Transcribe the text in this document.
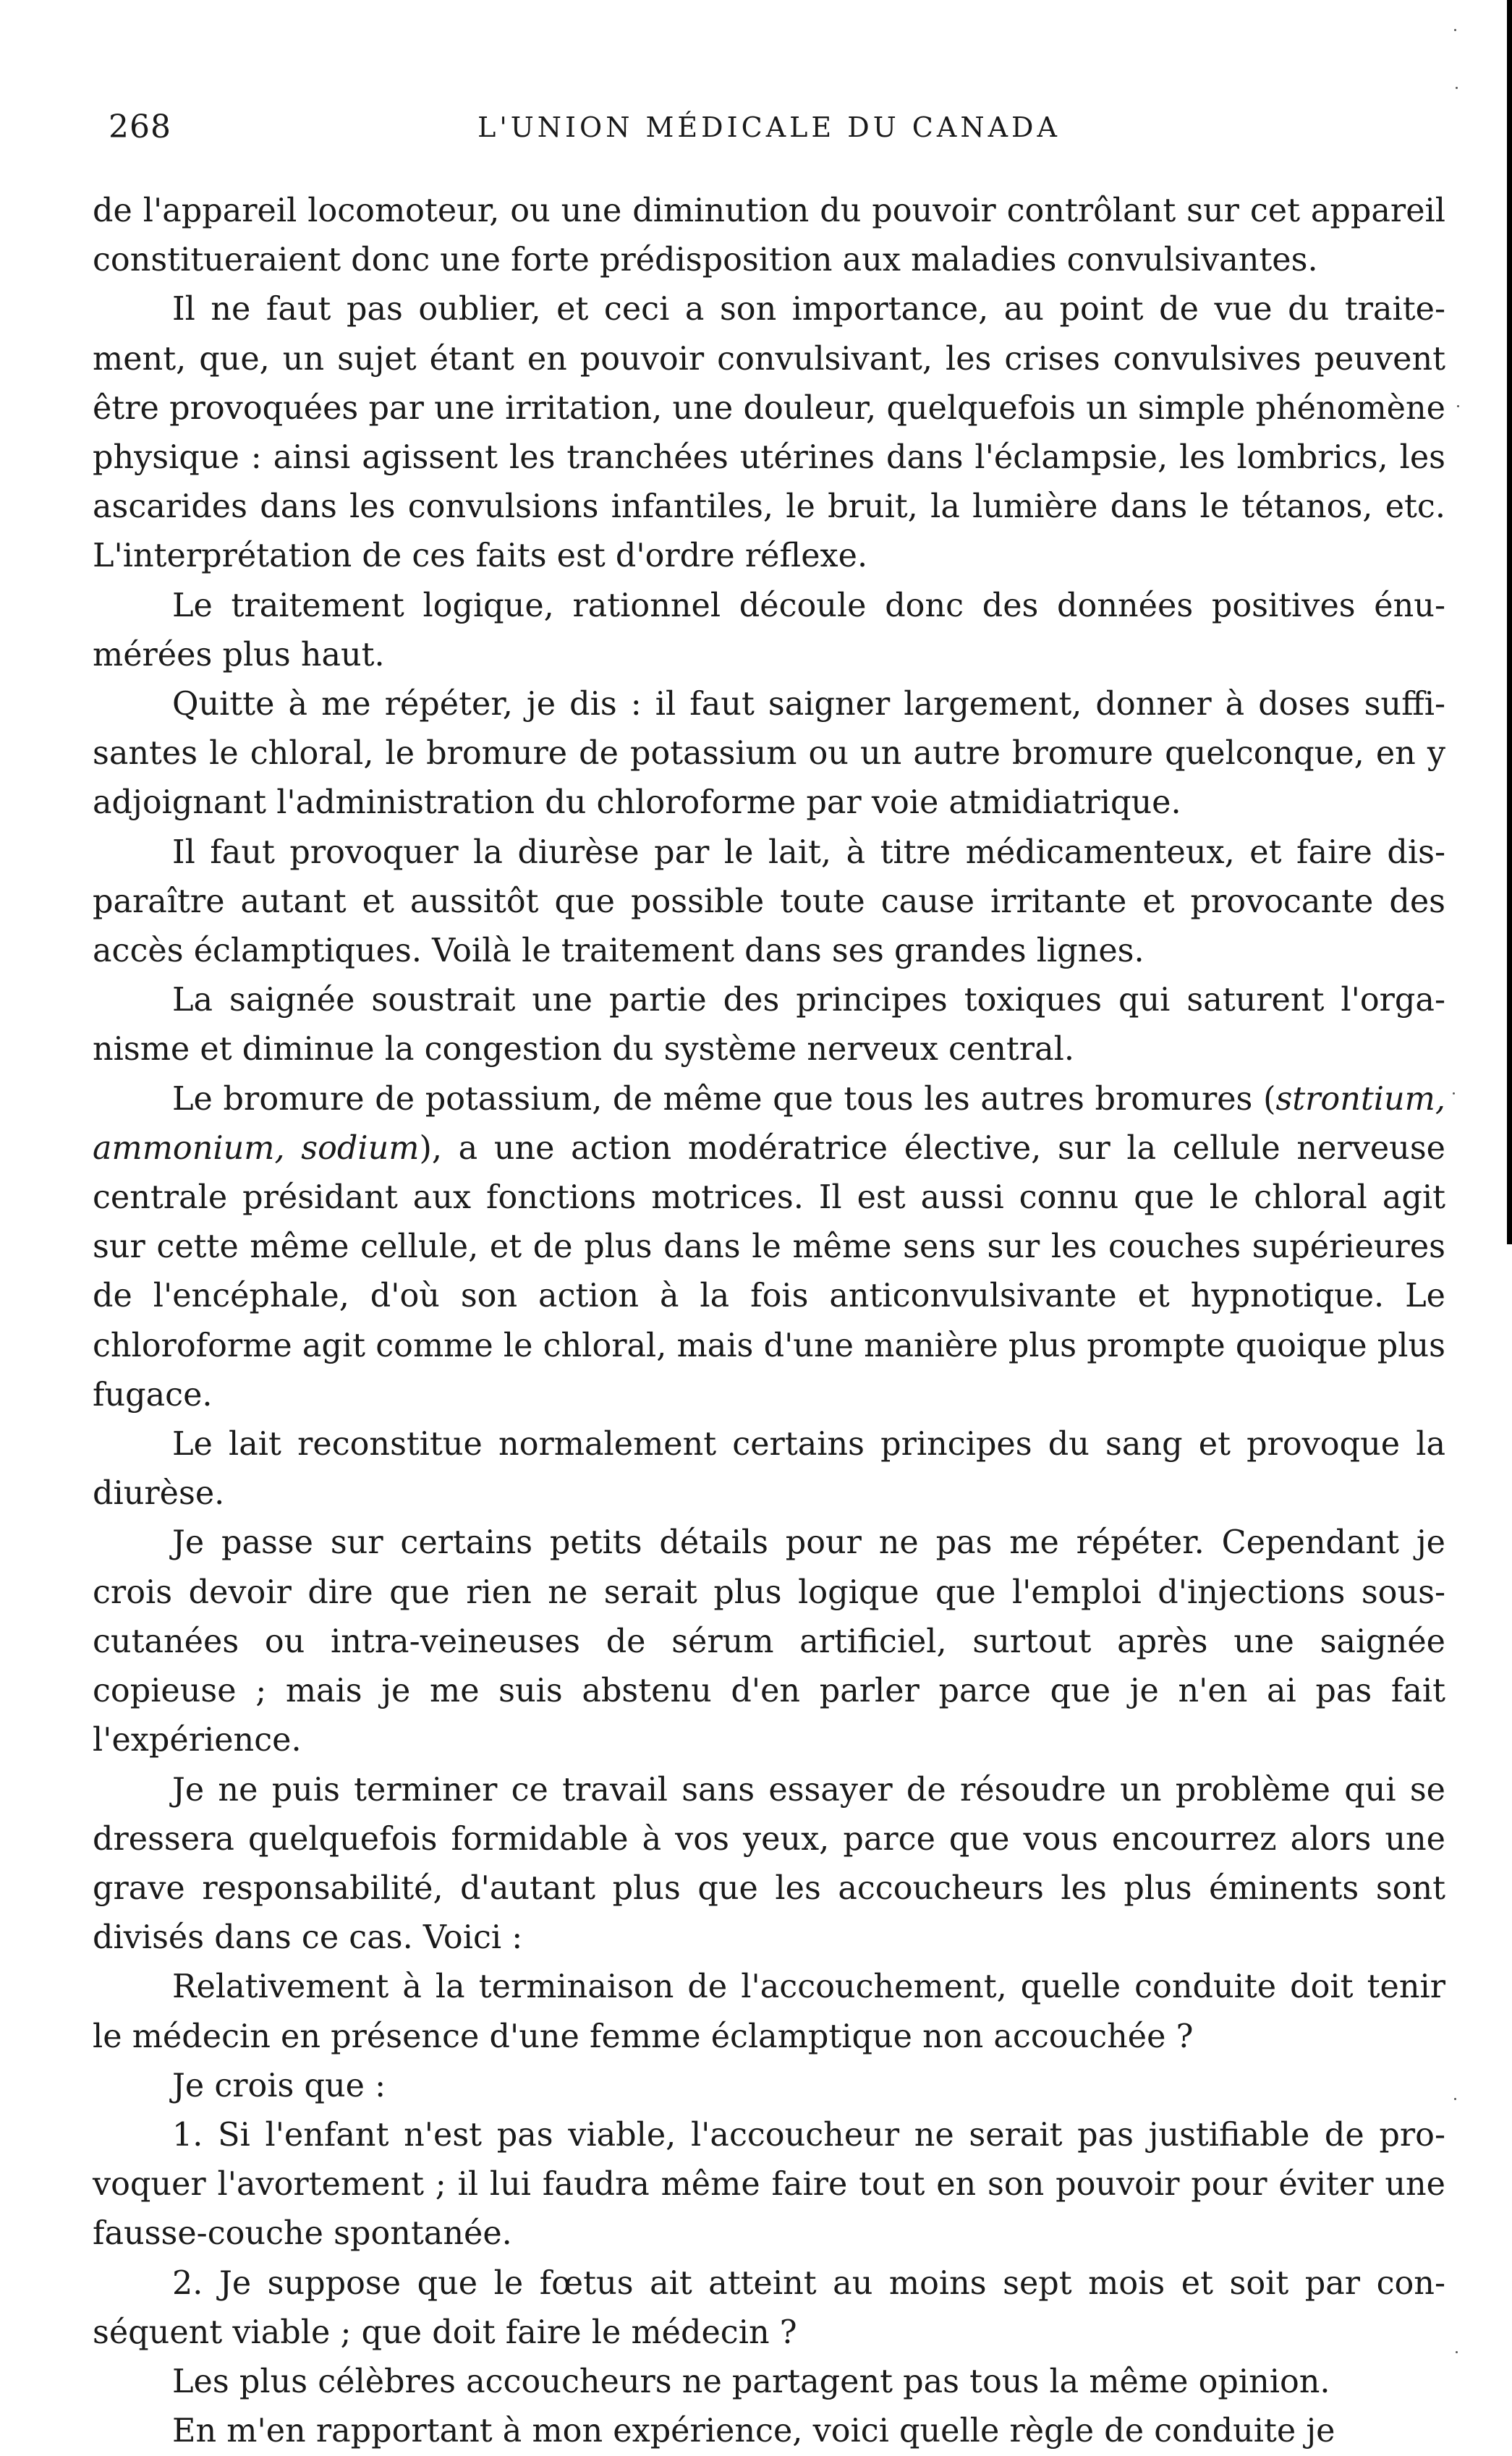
268	L'UNION MÉDICALE DU CANADA

de l'appareil locomoteur, ou une diminution du pouvoir contrôlant sur cet appareil constitueraient donc une forte prédisposition aux maladies convulsivantes.

Il ne faut pas oublier, et ceci a son importance, au point de vue du traitement, que, un sujet étant en pouvoir convulsivant, les crises convulsives peuvent être provoquées par une irritation, une douleur, quelquefois un simple phénomène physique : ainsi agissent les tranchées utérines dans l'éclampsie, les lombrics, les ascarides dans les convulsions infantiles, le bruit, la lumière dans le tétanos, etc. L'interprétation de ces faits est d'ordre réflexe.

Le traitement logique, rationnel découle donc des données positives énumérées plus haut.

Quitte à me répéter, je dis : il faut saigner largement, donner à doses suffisantes le chloral, le bromure de potassium ou un autre bromure quelconque, en y adjoignant l'administration du chloroforme par voie atmidiatrique.

Il faut provoquer la diurèse par le lait, à titre médicamenteux, et faire disparaître autant et aussitôt que possible toute cause irritante et provocante des accès éclamptiques. Voilà le traitement dans ses grandes lignes.

La saignée soustrait une partie des principes toxiques qui saturent l'organisme et diminue la congestion du système nerveux central.

Le bromure de potassium, de même que tous les autres bromures (strontium, ammonium, sodium), a une action modératrice élective, sur la cellule nerveuse centrale présidant aux fonctions motrices. Il est aussi connu que le chloral agit sur cette même cellule, et de plus dans le même sens sur les couches supérieures de l'encéphale, d'où son action à la fois anticonvulsivante et hypnotique. Le chloroforme agit comme le chloral, mais d'une manière plus prompte quoique plus fugace.

Le lait reconstitue normalement certains principes du sang et provoque la diurèse.

Je passe sur certains petits détails pour ne pas me répéter. Cependant je crois devoir dire que rien ne serait plus logique que l'emploi d'injections souscutanées ou intra-veineuses de sérum artificiel, surtout après une saignée copieuse ; mais je me suis abstenu d'en parler parce que je n'en ai pas fait l'expérience.

Je ne puis terminer ce travail sans essayer de résoudre un problème qui se dressera quelquefois formidable à vos yeux, parce que vous encourrez alors une grave responsabilité, d'autant plus que les accoucheurs les plus éminents sont divisés dans ce cas. Voici :

Relativement à la terminaison de l'accouchement, quelle conduite doit tenir le médecin en présence d'une femme éclamptique non accouchée ?

Je crois que :

1. Si l'enfant n'est pas viable, l'accoucheur ne serait pas justifiable de provoquer l'avortement ; il lui faudra même faire tout en son pouvoir pour éviter une fausse-couche spontanée.

2. Je suppose que le fœtus ait atteint au moins sept mois et soit par conséquent viable ; que doit faire le médecin ?

Les plus célèbres accoucheurs ne partagent pas tous la même opinion.

En m'en rapportant à mon expérience, voici quelle règle de conduite je
